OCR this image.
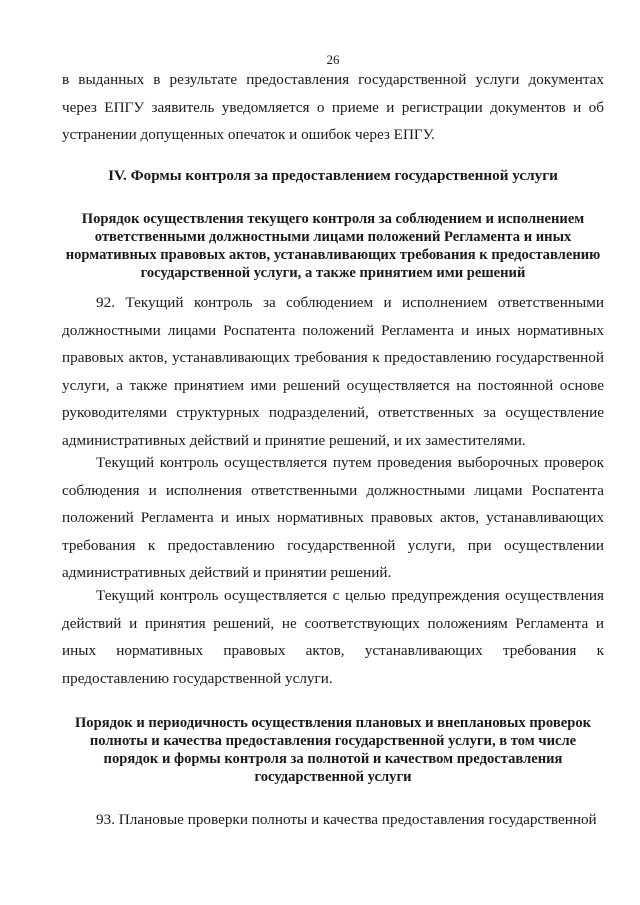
26

в выданных в результате предоставления государственной услуги документах через ЕПГУ заявитель уведомляется о приеме и регистрации документов и об устранении допущенных опечаток и ошибок через ЕПГУ.

IV. Формы контроля за предоставлением государственной услуги
Порядок осуществления текущего контроля за соблюдением и исполнением ответственными должностными лицами положений Регламента и иных нормативных правовых актов, устанавливающих требования к предоставлению государственной услуги, а также принятием ими решений

92. Текущий контроль за соблюдением и исполнением ответственными должностными лицами Роспатента положений Регламента и иных нормативных правовых актов, устанавливающих требования к предоставлению государственной услуги, а также принятием ими решений осуществляется на постоянной основе руководителями структурных подразделений, ответственных за осуществление административных действий и принятие решений, и их заместителями.

Текущий контроль осуществляется путем проведения выборочных проверок соблюдения и исполнения ответственными должностными лицами Роспатента положений Регламента и иных нормативных правовых актов, устанавливающих требования к предоставлению государственной услуги, при осуществлении административных действий и принятии решений.

Текущий контроль осуществляется с целью предупреждения осуществления действий и принятия решений, не соответствующих положениям Регламента и иных нормативных правовых актов, устанавливающих требования к предоставлению государственной услуги.

Порядок и периодичность осуществления плановых и внеплановых проверок полноты и качества предоставления государственной услуги, в том числе порядок и формы контроля за полнотой и качеством предоставления государственной услуги

93. Плановые проверки полноты и качества предоставления государственной
